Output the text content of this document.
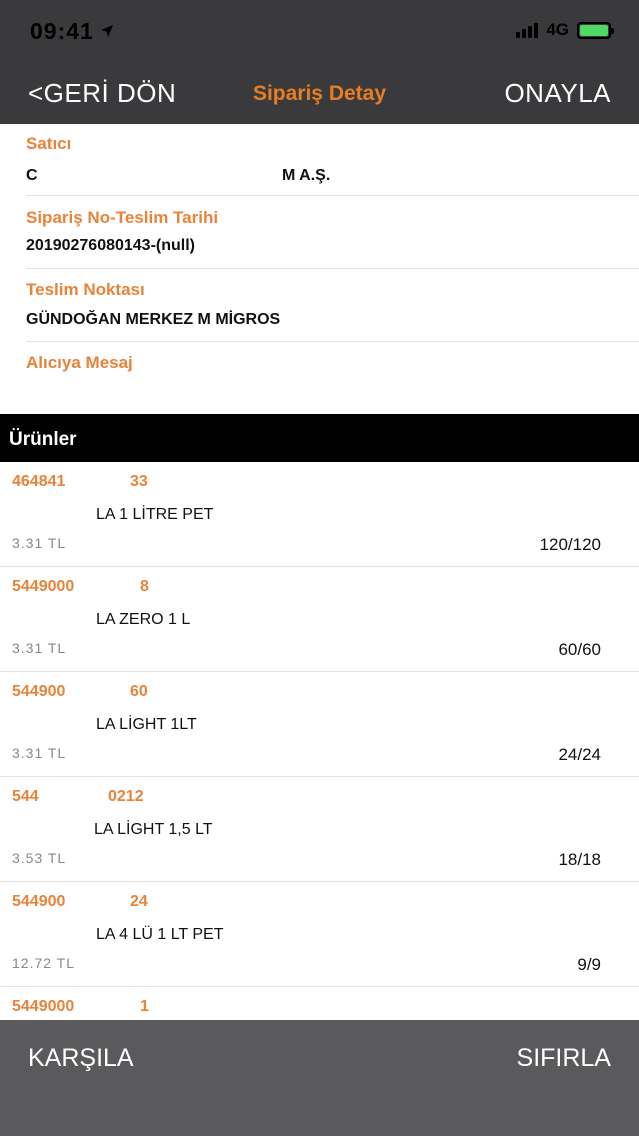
09:41	4G
<GERİ DÖN	Sipariş Detay	ONAYLA
Satıcı
C	M A.Ş.
Sipariş No-Teslim Tarihi
20190276080143-(null)
Teslim Noktası
GÜNDOĞAN MERKEZ M MİGROS
Alıcıya Mesaj
Ürünler
464841	33
LA 1 LİTRE PET
3.31 TL	120/120
5449000	8
LA ZERO 1 L
3.31 TL	60/60
544900	60
LA LİGHT 1LT
3.31 TL	24/24
544	0212
LA LİGHT 1,5 LT
3.53 TL	18/18
544900	24
LA 4 LÜ 1 LT PET
12.72 TL	9/9
5449000	1
KARŞILA	SIFIRLA
